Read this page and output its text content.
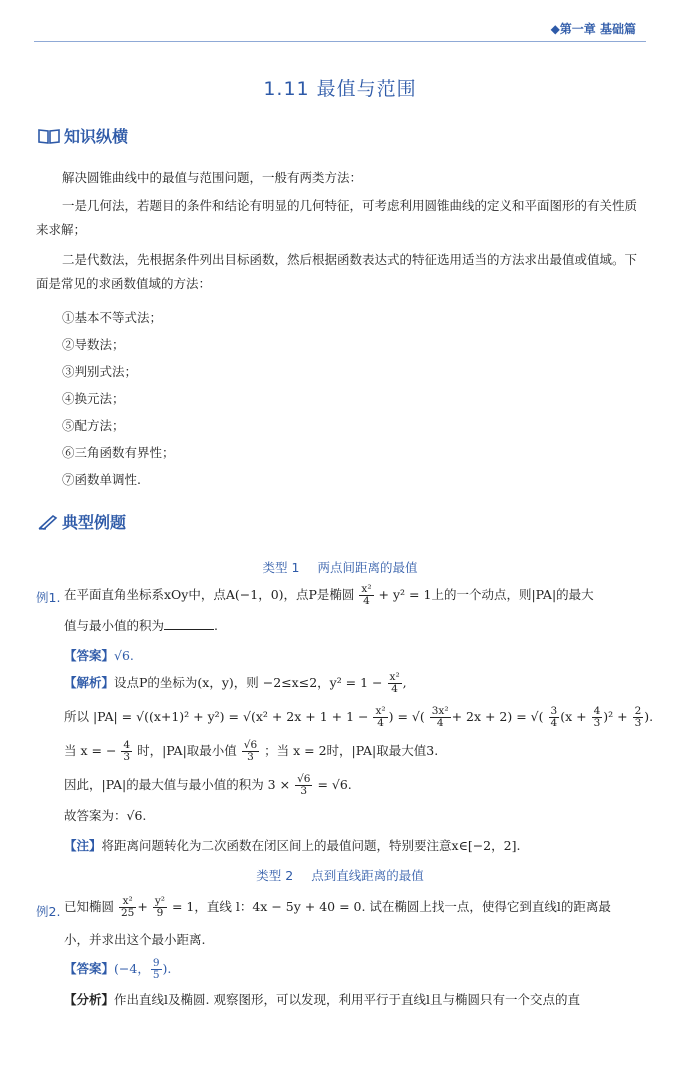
◆第一章 基础篇
1.11 最值与范围
知识纵横
解决圆锥曲线中的最值与范围问题，一般有两类方法：
一是几何法，若题目的条件和结论有明显的几何特征，可考虑利用圆锥曲线的定义和平面图形的有关性质来求解；
二是代数法，先根据条件列出目标函数，然后根据函数表达式的特征选用适当的方法求出最值或值域。下面是常见的求函数值域的方法：
①基本不等式法；
②导数法；
③判别式法；
④换元法；
⑤配方法；
⑥三角函数有界性；
⑦函数单调性.
典型例题
类型 1 两点间距离的最值
例1. 在平面直角坐标系xOy中，点A(−1，0)，点P是椭圆 $\frac{\text{x²}}{4} + y^2 = 1$上的一个动点，则|PA|的最大
值与最小值的积为	.
【答案】√6.
【解析】设点P的坐标为(x，y)，则 −2≤x≤2，$y^2 = 1 - \frac{\text{x²}}{4}$ ,
所以 $|PA| = √((x+1)^2 + y^2) = √(x^2 + 2x + 1 + 1 - \frac{\text{x²}}{4}$ ) = √( $\frac{\text{3x²}}{4} + 2x + 2$) = √( $\frac{3}{4} (x + \frac{4}{3} )^2 + \frac{2}{3}$ ).
当 x = − $\frac{4}{3}$ 时，|PA|取最小值 $\frac{√6}{3}$ ；当 x = 2时，|PA|取最大值3.
因此，|PA|的最大值与最小值的积为 $3 \times \frac{√6}{3} = √6$.
故答案为：√6.
【注】将距离问题转化为二次函数在闭区间上的最值问题，特别要注意x∈[−2，2].
类型 2 点到直线距离的最值
例2. 已知椭圆 $\frac{\text{x²}}{25} + \frac{\text{y²}}{9} = 1$，直线 l：4x − 5y + 40 = 0. 试在椭圆上找一点，使得它到直线l的距离最
小，并求出这个最小距离.
【答案】(−4， $\frac{9}{5}$ ).
【分析】作出直线l及椭圆. 观察图形，可以发现，利用平行于直线l且与椭圆只有一个交点的直
